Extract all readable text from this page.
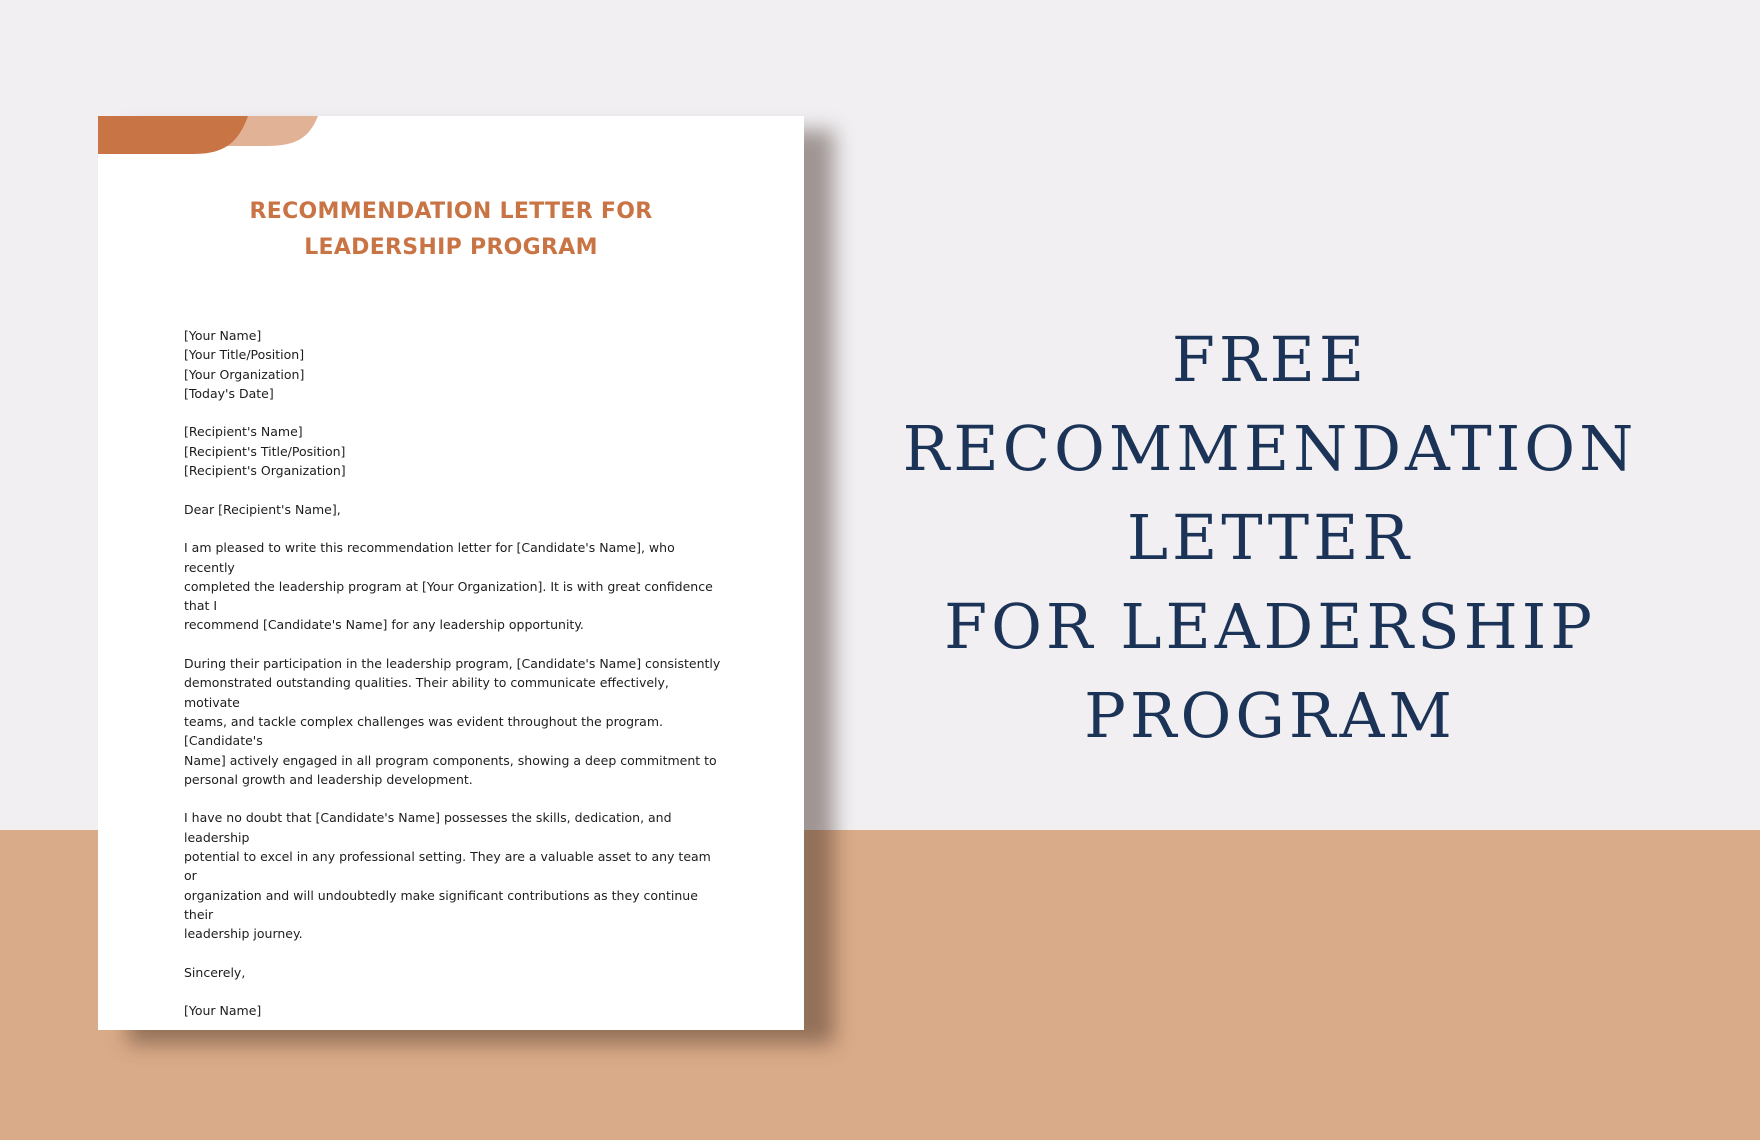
RECOMMENDATION LETTER FOR
LEADERSHIP PROGRAM
[Your Name]
[Your Title/Position]
[Your Organization]
[Today's Date]
[Recipient's Name]
[Recipient's Title/Position]
[Recipient's Organization]
Dear [Recipient's Name],
I am pleased to write this recommendation letter for [Candidate's Name], who recently
completed the leadership program at [Your Organization]. It is with great confidence that I
recommend [Candidate's Name] for any leadership opportunity.
During their participation in the leadership program, [Candidate's Name] consistently
demonstrated outstanding qualities. Their ability to communicate effectively, motivate
teams, and tackle complex challenges was evident throughout the program. [Candidate's
Name] actively engaged in all program components, showing a deep commitment to
personal growth and leadership development.
I have no doubt that [Candidate's Name] possesses the skills, dedication, and leadership
potential to excel in any professional setting. They are a valuable asset to any team or
organization and will undoubtedly make significant contributions as they continue their
leadership journey.
Sincerely,
[Your Name]
FREE
RECOMMENDATION
LETTER
FOR LEADERSHIP
PROGRAM
